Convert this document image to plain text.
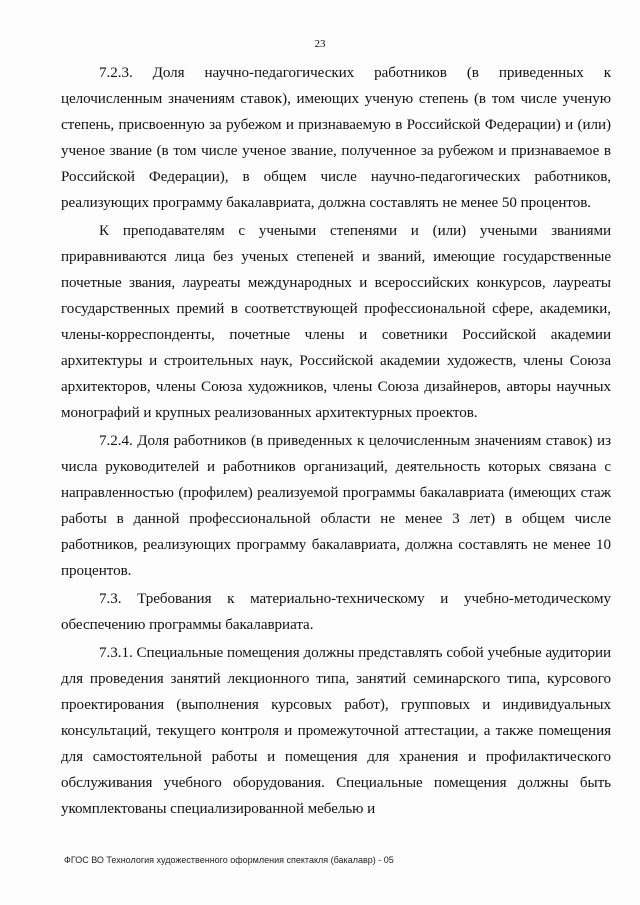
23

7.2.3. Доля научно-педагогических работников (в приведенных к целочисленным значениям ставок), имеющих ученую степень (в том числе ученую степень, присвоенную за рубежом и признаваемую в Российской Федерации) и (или) ученое звание (в том числе ученое звание, полученное за рубежом и признаваемое в Российской Федерации), в общем числе научно-педагогических работников, реализующих программу бакалавриата, должна составлять не менее 50 процентов.

К преподавателям с учеными степенями и (или) учеными званиями приравниваются лица без ученых степеней и званий, имеющие государственные почетные звания, лауреаты международных и всероссийских конкурсов, лауреаты государственных премий в соответствующей профессиональной сфере, академики, члены-корреспонденты, почетные члены и советники Российской академии архитектуры и строительных наук, Российской академии художеств, члены Союза архитекторов, члены Союза художников, члены Союза дизайнеров, авторы научных монографий и крупных реализованных архитектурных проектов.

7.2.4. Доля работников (в приведенных к целочисленным значениям ставок) из числа руководителей и работников организаций, деятельность которых связана с направленностью (профилем) реализуемой программы бакалавриата (имеющих стаж работы в данной профессиональной области не менее 3 лет) в общем числе работников, реализующих программу бакалавриата, должна составлять не менее 10 процентов.

7.3. Требования к материально-техническому и учебно-методическому обеспечению программы бакалавриата.

7.3.1. Специальные помещения должны представлять собой учебные аудитории для проведения занятий лекционного типа, занятий семинарского типа, курсового проектирования (выполнения курсовых работ), групповых и индивидуальных консультаций, текущего контроля и промежуточной аттестации, а также помещения для самостоятельной работы и помещения для хранения и профилактического обслуживания учебного оборудования. Специальные помещения должны быть укомплектованы специализированной мебелью и

ФГОС ВО Технология художественного оформления спектакля (бакалавр) - 05
